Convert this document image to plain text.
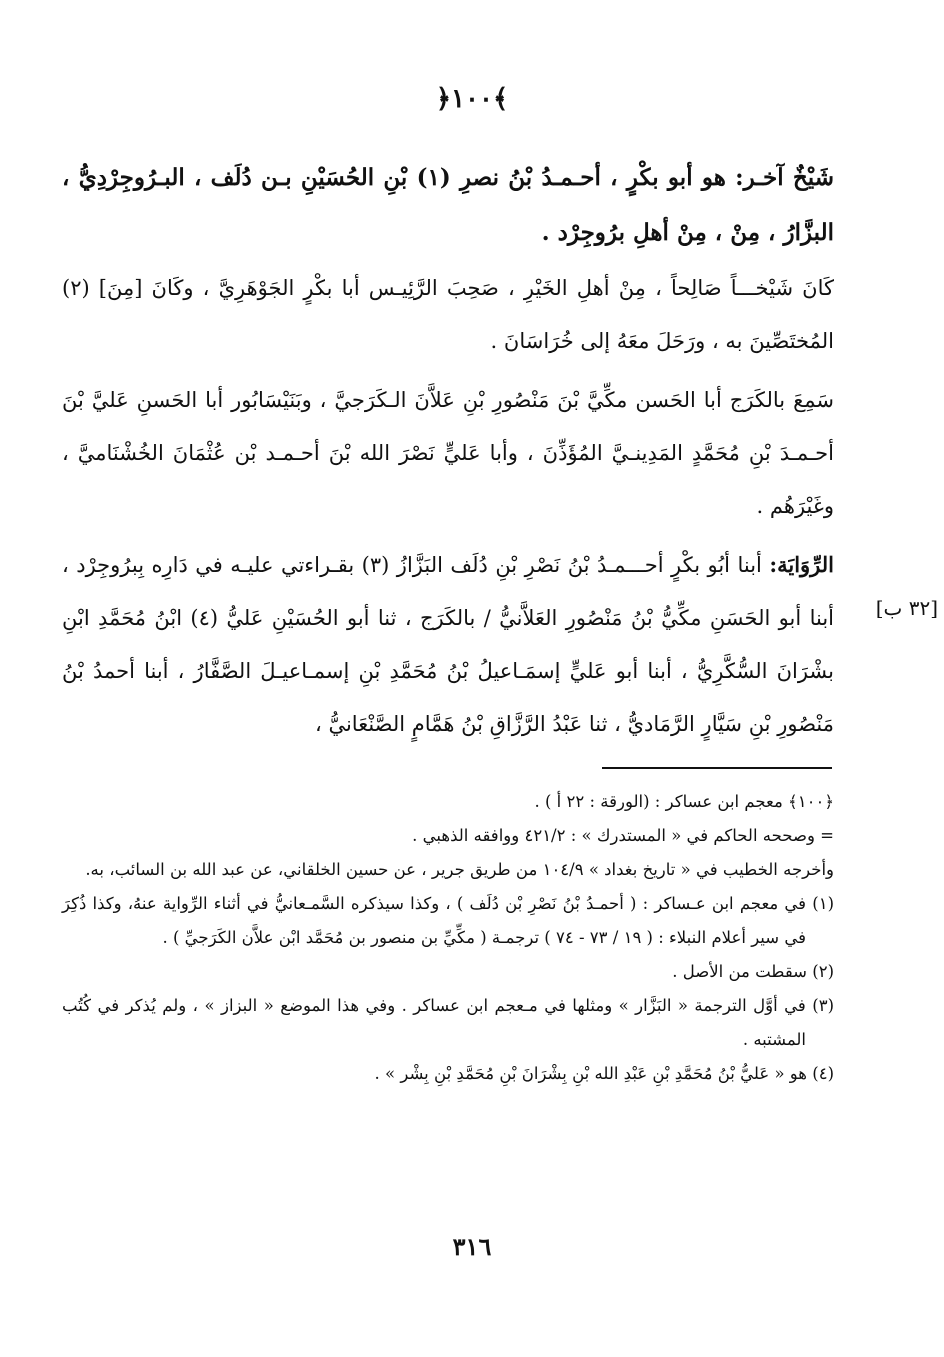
﴿١٠٠﴾

شَيْخٌ آخـر: هو أبو بكْرٍ ، أحـمـدُ بْنُ نصرِ (١) بْنِ الحُسَيْنِ بـن دُلَف ، البـرُوجِرْدِيُّ ، البزَّارُ ، مِنْ ، مِنْ أهلِ برُوجِرْد .

كَانَ شَيْخـــاً صَالِحاً ، مِنْ أهلِ الخَيْرِ ، صَحِبَ الرَّئِيـس أبا بكْرٍ الجَوْهَرِيَّ ، وكَانَ [مِنَ] (٢) المُختَصِّينَ به ، ورَحَلَ معَهُ إلى خُرَاسَانَ .

سَمِعَ بالكَرَج أبا الحَسن مكِّيَّ بْنَ مَنْصُورِ بْنِ عَلاَّنَ الـكَرَجيَّ ، وبَنَيْسَابُور أبا الحَسنِ عَليَّ بْنَ أحـمـدَ بْنِ مُحَمَّدٍ المَدِينـيَّ المُؤَذِّنَ ، وأبا عَليٍّ نَصْرَ الله بْنَ أحـمـد بْن عُثْمَانَ الخُشْنَاميَّ ، وغَيْرَهُم .

الرِّوَايَة: أبنا أبُو بكْرٍ أحـــمـدُ بْنُ نَصْرِ بْنِ دُلَف البَزَّازُ (٣) بقـراءتي عليـه في دَارِه بِبرُوجِرْد ، أبنا أبو الحَسَنِ مكِّيُّ بْنُ مَنْصُورِ العَلاَّنيُّ / بالكَرَج ، ثنا أبو الحُسَيْنِ عَليُّ (٤) ابْنُ مُحَمَّدِ ابْنِ بشْرَانَ السُّكَّرِيُّ ، أبنا أبو عَليٍّ إسمَـاعيلُ بْنُ مُحَمَّدِ بْنِ إسمـاعيـلَ الصَّفَّارُ ، أبنا أحمدُ بْنُ مَنْصُورِ بْنِ سَيَّارٍ الرَّمَاديُّ ، ثنا عَبْدُ الرَّزَّاقِ بْنُ هَمَّامٍ الصَّنْعَانيُّ ،

[٣٢ ب]

﴿١٠٠﴾ معجم ابن عساكر : (الورقة : ٢٢ أ ) .

= وصححه الحاكم في « المستدرك » : ٤٢١/٢ ووافقه الذهبي .

وأخرجه الخطيب في « تاريخ بغداد » ١٠٤/٩ من طريق جرير ، عن حسين الخلقاني، عن عبد الله بن السائب، به.

(١) في معجم ابن عـساكر : ( أحمـدُ بْنُ نَصْرِ بْن دُلَف ) ، وكذا سيذكره السَّمـعانيُّ في أثناء الرِّواية عنهُ، وكذا ذُكِرَ في سير أعلام النبلاء : ( ١٩ / ٧٣ - ٧٤ ) ترجمـة ( مكِّيِّ بن منصور بن مُحَمَّد ابْن علاَّن الكَرَجيِّ ) .

(٢) سقطت من الأصل .

(٣) في أوَّل الترجمة « البَزَّار » ومثلها في مـعجم ابن عساكر . وفي هذا الموضع « البزاز » ، ولم يُذكر في كُتُب المشتبه .

(٤) هو « عَليُّ بْنُ مُحَمَّدِ بْنِ عَبْدِ الله بْنِ بِشْرَانَ بْنِ مُحَمَّدِ بْنِ بِشْر » .

٣١٦
